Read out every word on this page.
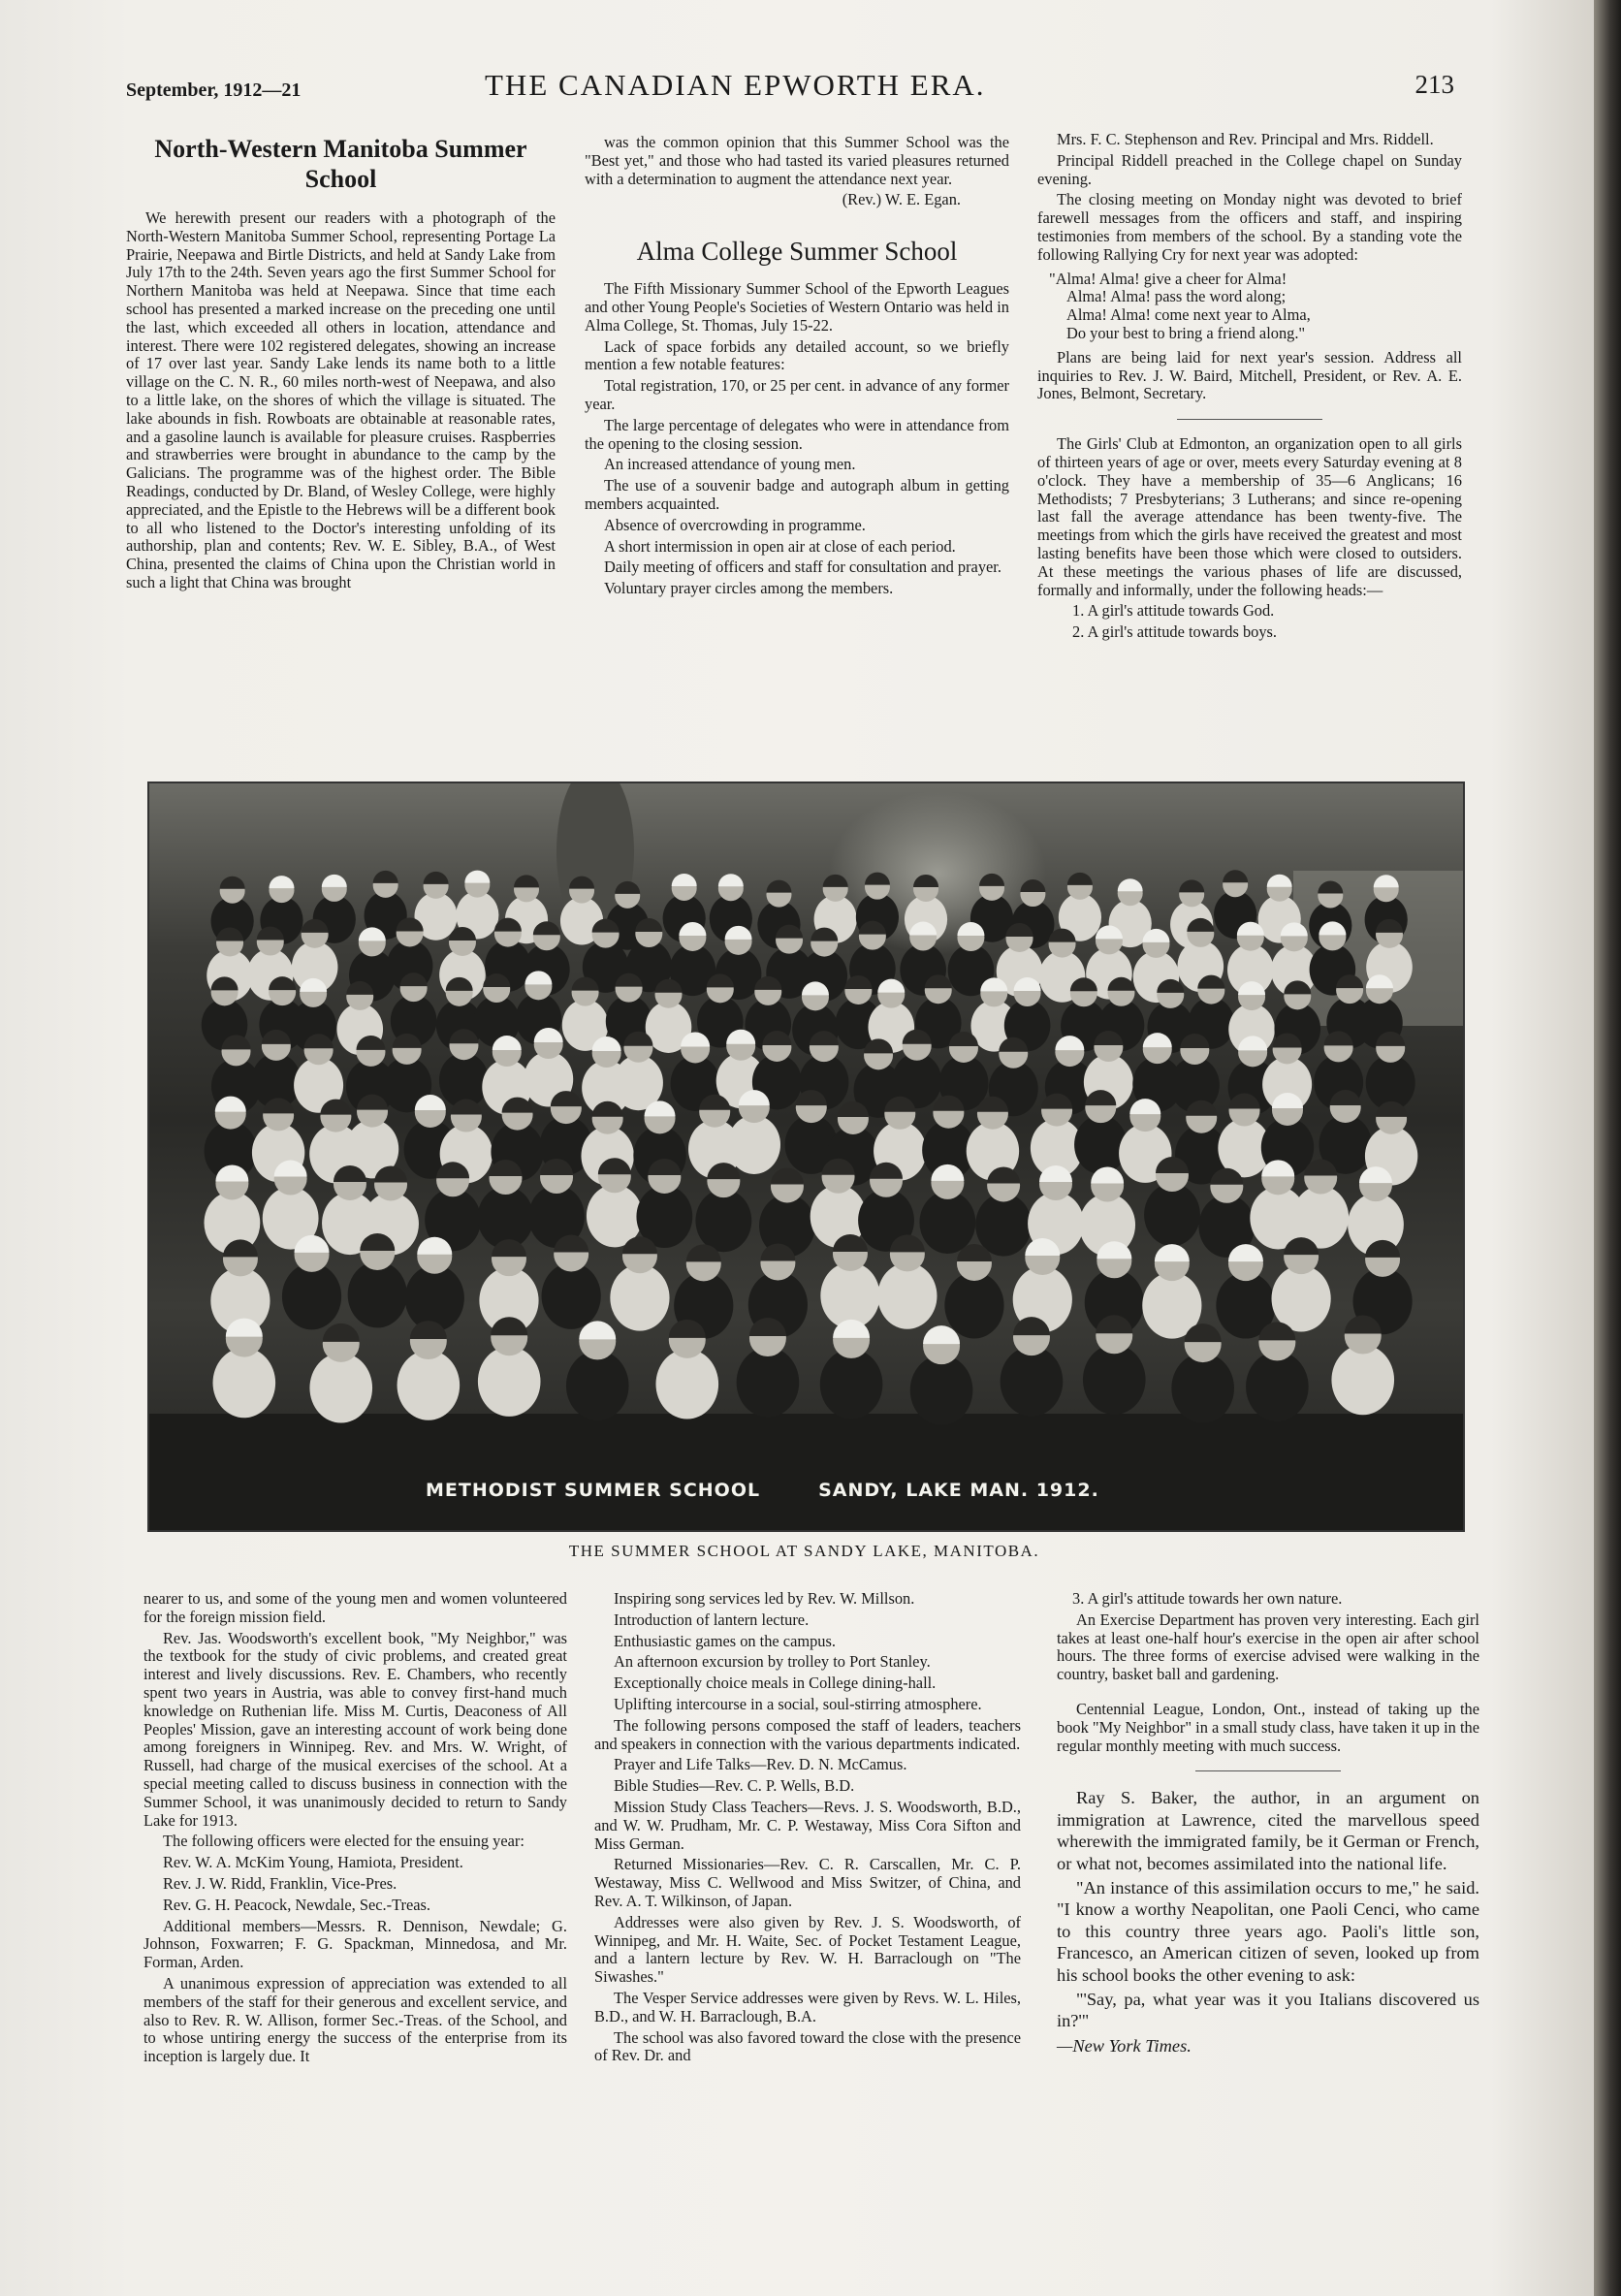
September, 1912—21	THE CANADIAN EPWORTH ERA.	213
North-Western Manitoba Summer School

We herewith present our readers with a photograph of the North-Western Manitoba Summer School, representing Portage La Prairie, Neepawa and Birtle Districts, and held at Sandy Lake from July 17th to the 24th. Seven years ago the first Summer School for Northern Manitoba was held at Neepawa. Since that time each school has presented a marked increase on the preceding one until the last, which exceeded all others in location, attendance and interest. There were 102 registered delegates, showing an increase of 17 over last year. Sandy Lake lends its name both to a little village on the C. N. R., 60 miles north-west of Neepawa, and also to a little lake, on the shores of which the village is situated. The lake abounds in fish. Rowboats are obtainable at reasonable rates, and a gasoline launch is available for pleasure cruises. Raspberries and strawberries were brought in abundance to the camp by the Galicians. The programme was of the highest order. The Bible Readings, conducted by Dr. Bland, of Wesley College, were highly appreciated, and the Epistle to the Hebrews will be a different book to all who listened to the Doctor's interesting unfolding of its authorship, plan and contents; Rev. W. E. Sibley, B.A., of West China, presented the claims of China upon the Christian world in such a light that China was brought

was the common opinion that this Summer School was the "Best yet," and those who had tasted its varied pleasures returned with a determination to augment the attendance next year.

(Rev.) W. E. Egan.

Alma College Summer School

The Fifth Missionary Summer School of the Epworth Leagues and other Young People's Societies of Western Ontario was held in Alma College, St. Thomas, July 15-22.

Lack of space forbids any detailed account, so we briefly mention a few notable features:

Total registration, 170, or 25 per cent. in advance of any former year.

The large percentage of delegates who were in attendance from the opening to the closing session.

An increased attendance of young men.

The use of a souvenir badge and autograph album in getting members acquainted.

Absence of overcrowding in programme.

A short intermission in open air at close of each period.

Daily meeting of officers and staff for consultation and prayer.

Voluntary prayer circles among the members.

Mrs. F. C. Stephenson and Rev. Principal and Mrs. Riddell.

Principal Riddell preached in the College chapel on Sunday evening.

The closing meeting on Monday night was devoted to brief farewell messages from the officers and staff, and inspiring testimonies from members of the school. By a standing vote the following Rallying Cry for next year was adopted:

"Alma! Alma! give a cheer for Alma!

Alma! Alma! pass the word along;

Alma! Alma! come next year to Alma,

Do your best to bring a friend along."

Plans are being laid for next year's session. Address all inquiries to Rev. J. W. Baird, Mitchell, President, or Rev. A. E. Jones, Belmont, Secretary.

The Girls' Club at Edmonton, an organization open to all girls of thirteen years of age or over, meets every Saturday evening at 8 o'clock. They have a membership of 35—6 Anglicans; 16 Methodists; 7 Presbyterians; 3 Lutherans; and since re-opening last fall the average attendance has been twenty-five. The meetings from which the girls have received the greatest and most lasting benefits have been those which were closed to outsiders. At these meetings the various phases of life are discussed, formally and informally, under the following heads:—

1. A girl's attitude towards God.

2. A girl's attitude towards boys.

METHODIST SUMMER SCHOOL	SANDY, LAKE MAN. 1912.
THE SUMMER SCHOOL AT SANDY LAKE, MANITOBA.

nearer to us, and some of the young men and women volunteered for the foreign mission field.

Rev. Jas. Woodsworth's excellent book, "My Neighbor," was the textbook for the study of civic problems, and created great interest and lively discussions. Rev. E. Chambers, who recently spent two years in Austria, was able to convey first-hand much knowledge on Ruthenian life. Miss M. Curtis, Deaconess of All Peoples' Mission, gave an interesting account of work being done among foreigners in Winnipeg. Rev. and Mrs. W. Wright, of Russell, had charge of the musical exercises of the school. At a special meeting called to discuss business in connection with the Summer School, it was unanimously decided to return to Sandy Lake for 1913.

The following officers were elected for the ensuing year:

Rev. W. A. McKim Young, Hamiota, President.

Rev. J. W. Ridd, Franklin, Vice-Pres.

Rev. G. H. Peacock, Newdale, Sec.-Treas.

Additional members—Messrs. R. Dennison, Newdale; G. Johnson, Foxwarren; F. G. Spackman, Minnedosa, and Mr. Forman, Arden.

A unanimous expression of appreciation was extended to all members of the staff for their generous and excellent service, and also to Rev. R. W. Allison, former Sec.-Treas. of the School, and to whose untiring energy the success of the enterprise from its inception is largely due. It

Inspiring song services led by Rev. W. Millson.

Introduction of lantern lecture.

Enthusiastic games on the campus.

An afternoon excursion by trolley to Port Stanley.

Exceptionally choice meals in College dining-hall.

Uplifting intercourse in a social, soul-stirring atmosphere.

The following persons composed the staff of leaders, teachers and speakers in connection with the various departments indicated.

Prayer and Life Talks—Rev. D. N. McCamus.

Bible Studies—Rev. C. P. Wells, B.D.

Mission Study Class Teachers—Revs. J. S. Woodsworth, B.D., and W. W. Prudham, Mr. C. P. Westaway, Miss Cora Sifton and Miss German.

Returned Missionaries—Rev. C. R. Carscallen, Mr. C. P. Westaway, Miss C. Wellwood and Miss Switzer, of China, and Rev. A. T. Wilkinson, of Japan.

Addresses were also given by Rev. J. S. Woodsworth, of Winnipeg, and Mr. H. Waite, Sec. of Pocket Testament League, and a lantern lecture by Rev. W. H. Barraclough on "The Siwashes."

The Vesper Service addresses were given by Revs. W. L. Hiles, B.D., and W. H. Barraclough, B.A.

The school was also favored toward the close with the presence of Rev. Dr. and

3. A girl's attitude towards her own nature.

An Exercise Department has proven very interesting. Each girl takes at least one-half hour's exercise in the open air after school hours. The three forms of exercise advised were walking in the country, basket ball and gardening.

Centennial League, London, Ont., instead of taking up the book "My Neighbor" in a small study class, have taken it up in the regular monthly meeting with much success.

Ray S. Baker, the author, in an argument on immigration at Lawrence, cited the marvellous speed wherewith the immigrated family, be it German or French, or what not, becomes assimilated into the national life.

"An instance of this assimilation occurs to me," he said. "I know a worthy Neapolitan, one Paoli Cenci, who came to this country three years ago. Paoli's little son, Francesco, an American citizen of seven, looked up from his school books the other evening to ask:

"'Say, pa, what year was it you Italians discovered us in?'"

—New York Times.
